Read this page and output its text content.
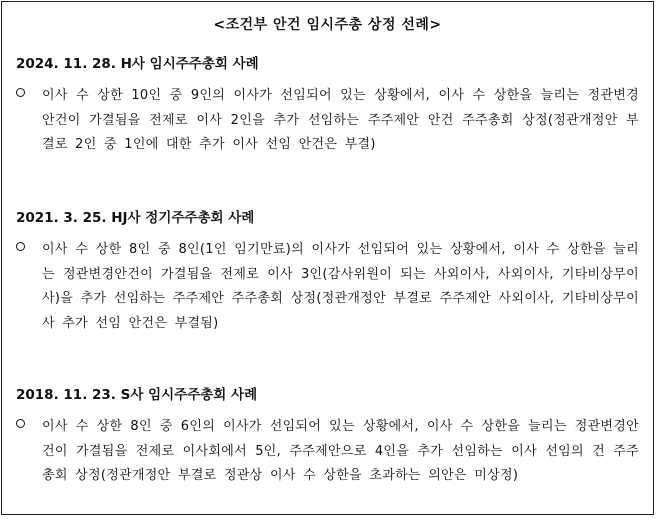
<조건부 안건 임시주총 상정 선례>
2024. 11. 28. H사 임시주주총회 사례
이사 수 상한 10인 중 9인의 이사가 선임되어 있는 상황에서, 이사 수 상한을 늘리는 정관변경안건이 가결됨을 전제로 이사 2인을 추가 선임하는 주주제안 안건 주주총회 상정(정관개정안 부결로 2인 중 1인에 대한 추가 이사 선임 안건은 부결)
2021. 3. 25. HJ사 정기주주총회 사례
이사 수 상한 8인 중 8인(1인 임기만료)의 이사가 선임되어 있는 상황에서, 이사 수 상한을 늘리는 정관변경안건이 가결됨을 전제로 이사 3인(감사위원이 되는 사외이사, 사외이사, 기타비상무이사)을 추가 선임하는 주주제안 주주총회 상정(정관개정안 부결로 주주제안 사외이사, 기타비상무이사 추가 선임 안건은 부결됨)
2018. 11. 23. S사 임시주주총회 사례
이사 수 상한 8인 중 6인의 이사가 선임되어 있는 상황에서, 이사 수 상한을 늘리는 정관변경안건이 가결됨을 전제로 이사회에서 5인, 주주제안으로 4인을 추가 선임하는 이사 선임의 건 주주총회 상정(정관개정안 부결로 정관상 이사 수 상한을 초과하는 의안은 미상정)
